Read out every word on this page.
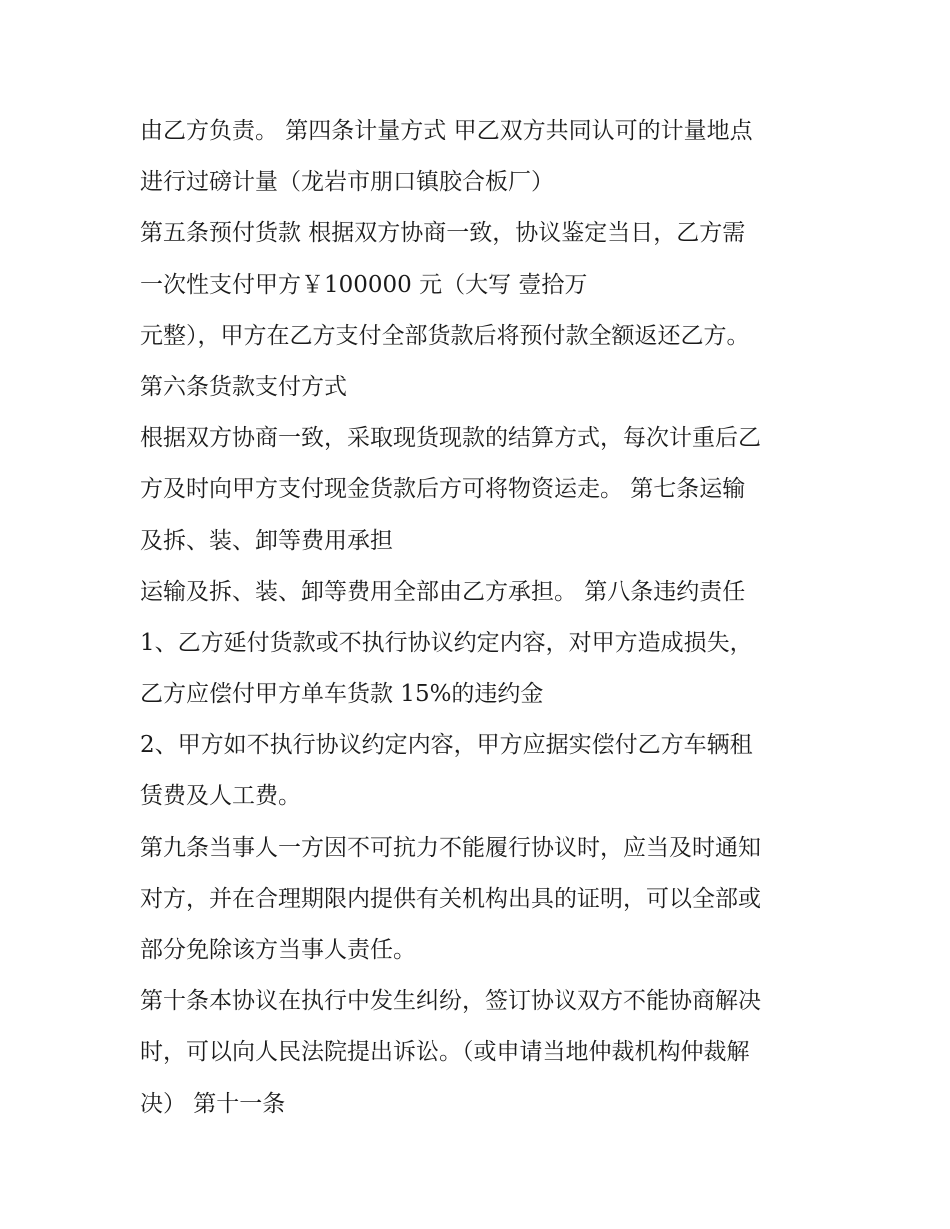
由乙方负责。 第四条计量方式 甲乙双方共同认可的计量地点
进行过磅计量（龙岩市朋口镇胶合板厂）
第五条预付货款 根据双方协商一致，协议鉴定当日，乙方需
一次性支付甲方￥100000 元（大写 壹拾万
元整），甲方在乙方支付全部货款后将预付款全额返还乙方。
第六条货款支付方式
根据双方协商一致，采取现货现款的结算方式，每次计重后乙
方及时向甲方支付现金货款后方可将物资运走。 第七条运输
及拆、装、卸等费用承担
运输及拆、装、卸等费用全部由乙方承担。 第八条违约责任
1、乙方延付货款或不执行协议约定内容，对甲方造成损失，
乙方应偿付甲方单车货款 15%的违约金
2、甲方如不执行协议约定内容，甲方应据实偿付乙方车辆租
赁费及人工费。
第九条当事人一方因不可抗力不能履行协议时，应当及时通知
对方，并在合理期限内提供有关机构出具的证明，可以全部或
部分免除该方当事人责任。
第十条本协议在执行中发生纠纷，签订协议双方不能协商解决
时，可以向人民法院提出诉讼。（或申请当地仲裁机构仲裁解
决） 第十一条
